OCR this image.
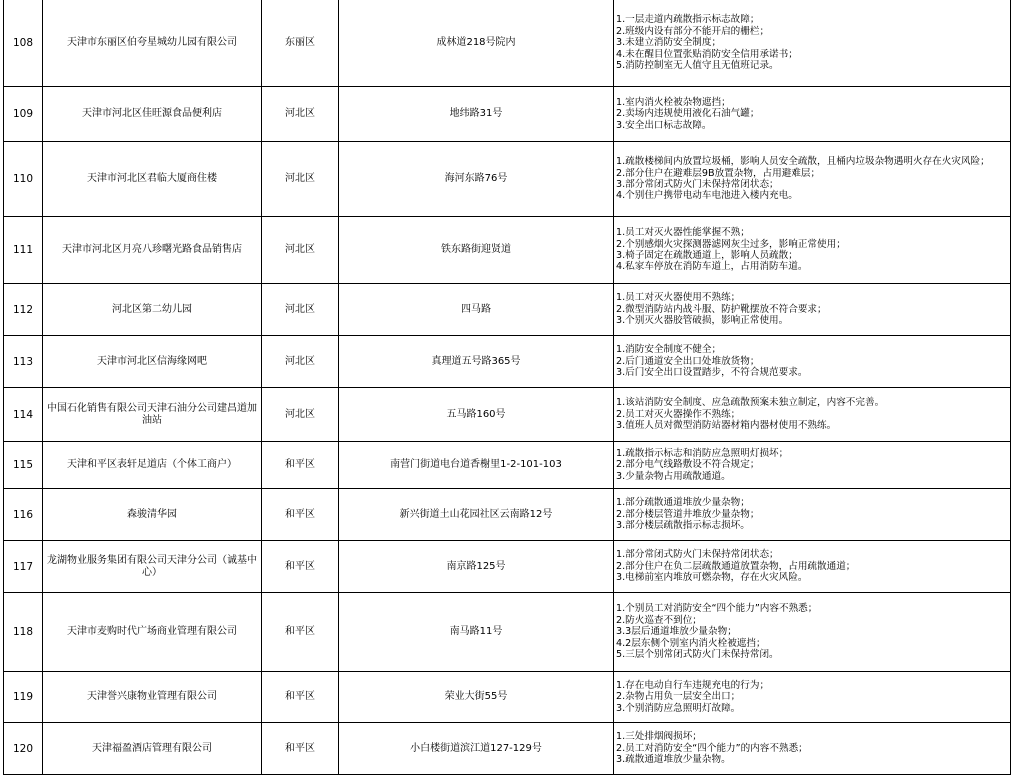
108	天津市东丽区伯夸星城幼儿园有限公司	东丽区	成林道218号院内	1.一层走道内疏散指示标志故障；
2.班级内设有部分不能开启的栅栏；
3.未建立消防安全制度；
4.未在醒目位置张贴消防安全信用承诺书；
5.消防控制室无人值守且无值班记录。

109	天津市河北区佳旺源食品便利店	河北区	地纬路31号	1.室内消火栓被杂物遮挡；
2.卖场内违规使用液化石油气罐；
3.安全出口标志故障。

110	天津市河北区君临大厦商住楼	河北区	海河东路76号	1.疏散楼梯间内放置垃圾桶，影响人员安全疏散，且桶内垃圾杂物遇明火存在火灾风险；
2.部分住户在避难层9B放置杂物，占用避难层；
3.部分常闭式防火门未保持常闭状态；
4.个别住户携带电动车电池进入楼内充电。

111	天津市河北区月亮八珍曙光路食品销售店	河北区	铁东路街迎贤道	1.员工对灭火器性能掌握不熟；
2.个别感烟火灾探测器滤网灰尘过多，影响正常使用；
3.椅子固定在疏散通道上，影响人员疏散；
4.私家车停放在消防车道上，占用消防车道。

112	河北区第二幼儿园	河北区	四马路	1.员工对灭火器使用不熟练；
2.微型消防站内战斗服、防护靴摆放不符合要求；
3.个别灭火器胶管破损，影响正常使用。

113	天津市河北区信海缘网吧	河北区	真理道五号路365号	1.消防安全制度不健全；
2.后门通道安全出口处堆放货物；
3.后门安全出口设置踏步，不符合规范要求。

114	中国石化销售有限公司天津石油分公司建昌道加油站	河北区	五马路160号	1.该站消防安全制度、应急疏散预案未独立制定，内容不完善。
2.员工对灭火器操作不熟练；
3.值班人员对微型消防站器材箱内器材使用不熟练。

115	天津和平区表轩足道店（个体工商户）	和平区	南营门街道电台道香榭里1-2-101-103	1.疏散指示标志和消防应急照明灯损坏；
2.部分电气线路敷设不符合规定；
3.少量杂物占用疏散通道。

116	森骏清华园	和平区	新兴街道土山花园社区云南路12号	1.部分疏散通道堆放少量杂物；
2.部分楼层管道井堆放少量杂物；
3.部分楼层疏散指示标志损坏。

117	龙湖物业服务集团有限公司天津分公司（诚基中心）	和平区	南京路125号	1.部分常闭式防火门未保持常闭状态；
2.部分住户在负二层疏散通道放置杂物，占用疏散通道；
3.电梯前室内堆放可燃杂物，存在火灾风险。

118	天津市麦购时代广场商业管理有限公司	和平区	南马路11号	1.个别员工对消防安全“四个能力”内容不熟悉；
2.防火巡查不到位；
3.3层后通道堆放少量杂物；
4.2层东侧个别室内消火栓被遮挡；
5.三层个别常闭式防火门未保持常闭。

119	天津誉兴康物业管理有限公司	和平区	荣业大街55号	1.存在电动自行车违规充电的行为；
2.杂物占用负一层安全出口；
3.个别消防应急照明灯故障。

120	天津福盈酒店管理有限公司	和平区	小白楼街道滨江道127-129号	1.三处排烟阀损坏；
2.员工对消防安全“四个能力”的内容不熟悉；
3.疏散通道堆放少量杂物。
